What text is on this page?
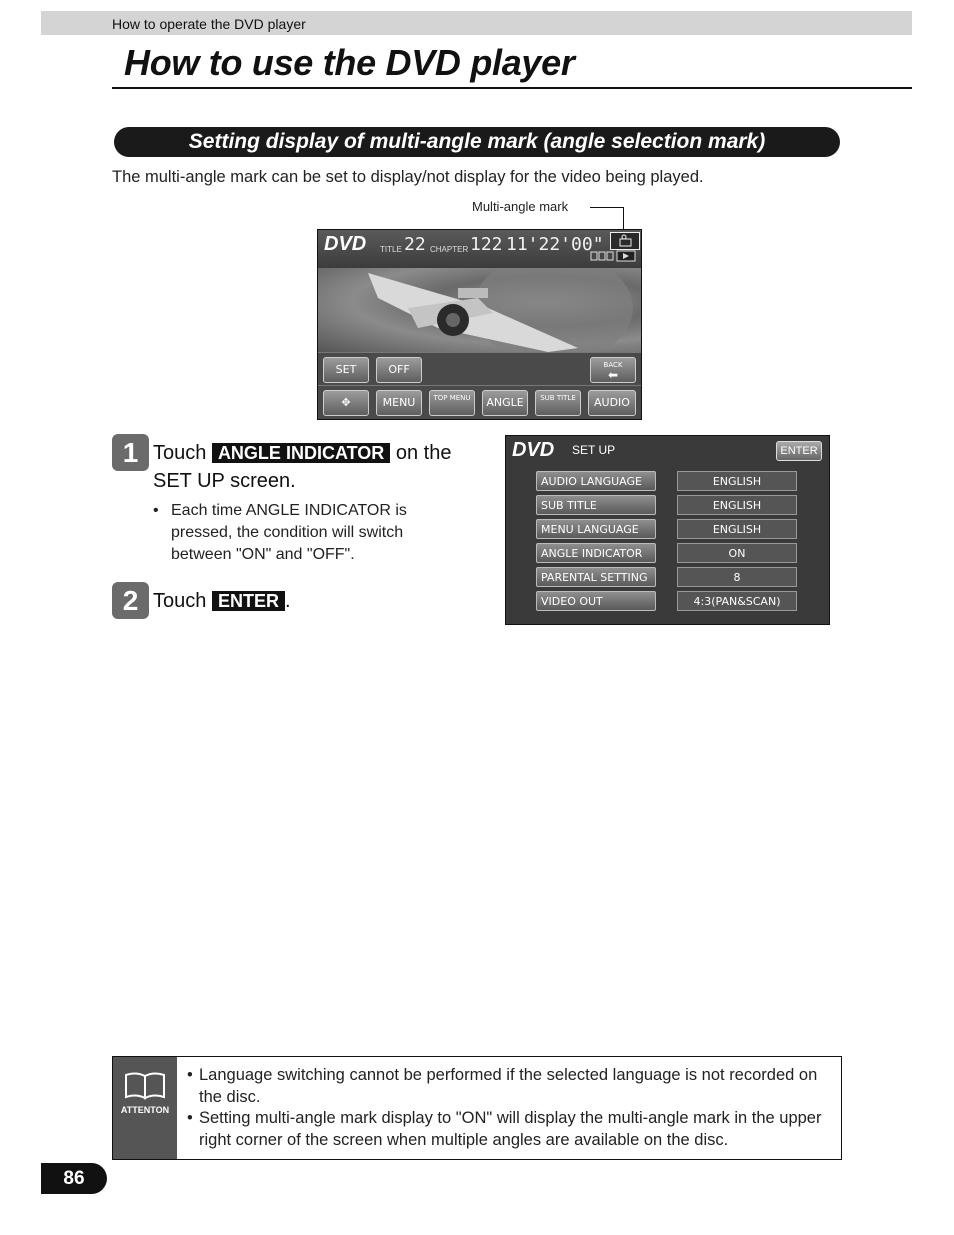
How to operate the DVD player
How to use the DVD player
Setting display of multi-angle mark (angle selection mark)
The multi-angle mark can be set to display/not display for the video being played.
Multi-angle mark
DVD TITLE 22 CHAPTER 122 11'22'00"
SET	OFF	BACK
⬅
✥	MENU	TOP MENU	ANGLE	SUB TITLE	AUDIO
1 Touch ANGLE INDICATOR on the
SET UP screen.
• Each time ANGLE INDICATOR is pressed, the condition will switch between "ON" and "OFF".
2 Touch ENTER .
DVD SET UP	ENTER
AUDIO LANGUAGE	ENGLISH
SUB TITLE	ENGLISH
MENU LANGUAGE	ENGLISH
ANGLE INDICATOR	ON
PARENTAL SETTING	8
VIDEO OUT	4:3(PAN&SCAN)
ATTENTON
• Language switching cannot be performed if the selected language is not recorded on the disc.
• Setting multi-angle mark display to "ON" will display the multi-angle mark in the upper right corner of the screen when multiple angles are available on the disc.
86
